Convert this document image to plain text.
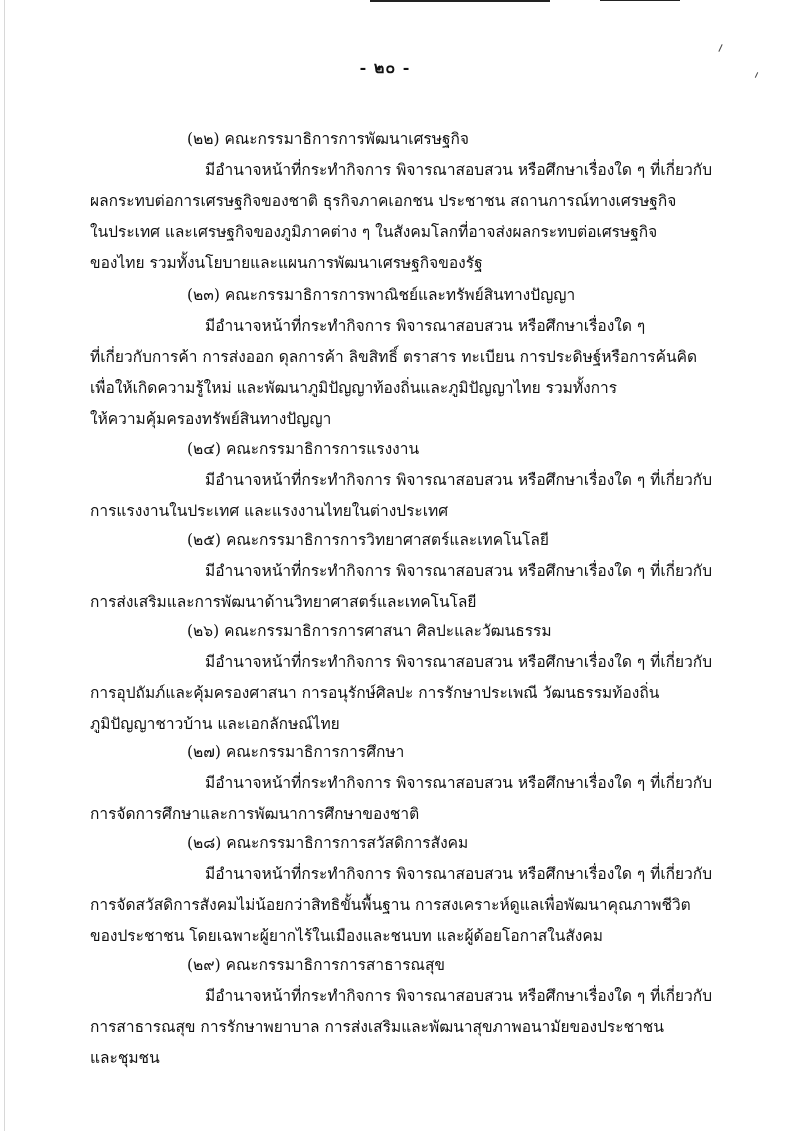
- ๒๐ -
(๒๒) คณะกรรมาธิการการพัฒนาเศรษฐกิจ
มีอำนาจหน้าที่กระทำกิจการ พิจารณาสอบสวน หรือศึกษาเรื่องใด ๆ ที่เกี่ยวกับ
ผลกระทบต่อการเศรษฐกิจของชาติ ธุรกิจภาคเอกชน ประชาชน สถานการณ์ทางเศรษฐกิจ
ในประเทศ และเศรษฐกิจของภูมิภาคต่าง ๆ ในสังคมโลกที่อาจส่งผลกระทบต่อเศรษฐกิจ
ของไทย รวมทั้งนโยบายและแผนการพัฒนาเศรษฐกิจของรัฐ
(๒๓) คณะกรรมาธิการการพาณิชย์และทรัพย์สินทางปัญญา
มีอำนาจหน้าที่กระทำกิจการ พิจารณาสอบสวน หรือศึกษาเรื่องใด ๆ
ที่เกี่ยวกับการค้า การส่งออก ดุลการค้า ลิขสิทธิ์ ตราสาร ทะเบียน การประดิษฐ์หรือการค้นคิด
เพื่อให้เกิดความรู้ใหม่ และพัฒนาภูมิปัญญาท้องถิ่นและภูมิปัญญาไทย รวมทั้งการ
ให้ความคุ้มครองทรัพย์สินทางปัญญา
(๒๔) คณะกรรมาธิการการแรงงาน
มีอำนาจหน้าที่กระทำกิจการ พิจารณาสอบสวน หรือศึกษาเรื่องใด ๆ ที่เกี่ยวกับ
การแรงงานในประเทศ และแรงงานไทยในต่างประเทศ
(๒๕) คณะกรรมาธิการการวิทยาศาสตร์และเทคโนโลยี
มีอำนาจหน้าที่กระทำกิจการ พิจารณาสอบสวน หรือศึกษาเรื่องใด ๆ ที่เกี่ยวกับ
การส่งเสริมและการพัฒนาด้านวิทยาศาสตร์และเทคโนโลยี
(๒๖) คณะกรรมาธิการการศาสนา ศิลปะและวัฒนธรรม
มีอำนาจหน้าที่กระทำกิจการ พิจารณาสอบสวน หรือศึกษาเรื่องใด ๆ ที่เกี่ยวกับ
การอุปถัมภ์และคุ้มครองศาสนา การอนุรักษ์ศิลปะ การรักษาประเพณี วัฒนธรรมท้องถิ่น
ภูมิปัญญาชาวบ้าน และเอกลักษณ์ไทย
(๒๗) คณะกรรมาธิการการศึกษา
มีอำนาจหน้าที่กระทำกิจการ พิจารณาสอบสวน หรือศึกษาเรื่องใด ๆ ที่เกี่ยวกับ
การจัดการศึกษาและการพัฒนาการศึกษาของชาติ
(๒๘) คณะกรรมาธิการการสวัสดิการสังคม
มีอำนาจหน้าที่กระทำกิจการ พิจารณาสอบสวน หรือศึกษาเรื่องใด ๆ ที่เกี่ยวกับ
การจัดสวัสดิการสังคมไม่น้อยกว่าสิทธิขั้นพื้นฐาน การสงเคราะห์ดูแลเพื่อพัฒนาคุณภาพชีวิต
ของประชาชน โดยเฉพาะผู้ยากไร้ในเมืองและชนบท และผู้ด้อยโอกาสในสังคม
(๒๙) คณะกรรมาธิการการสาธารณสุข
มีอำนาจหน้าที่กระทำกิจการ พิจารณาสอบสวน หรือศึกษาเรื่องใด ๆ ที่เกี่ยวกับ
การสาธารณสุข การรักษาพยาบาล การส่งเสริมและพัฒนาสุขภาพอนามัยของประชาชน
และชุมชน
